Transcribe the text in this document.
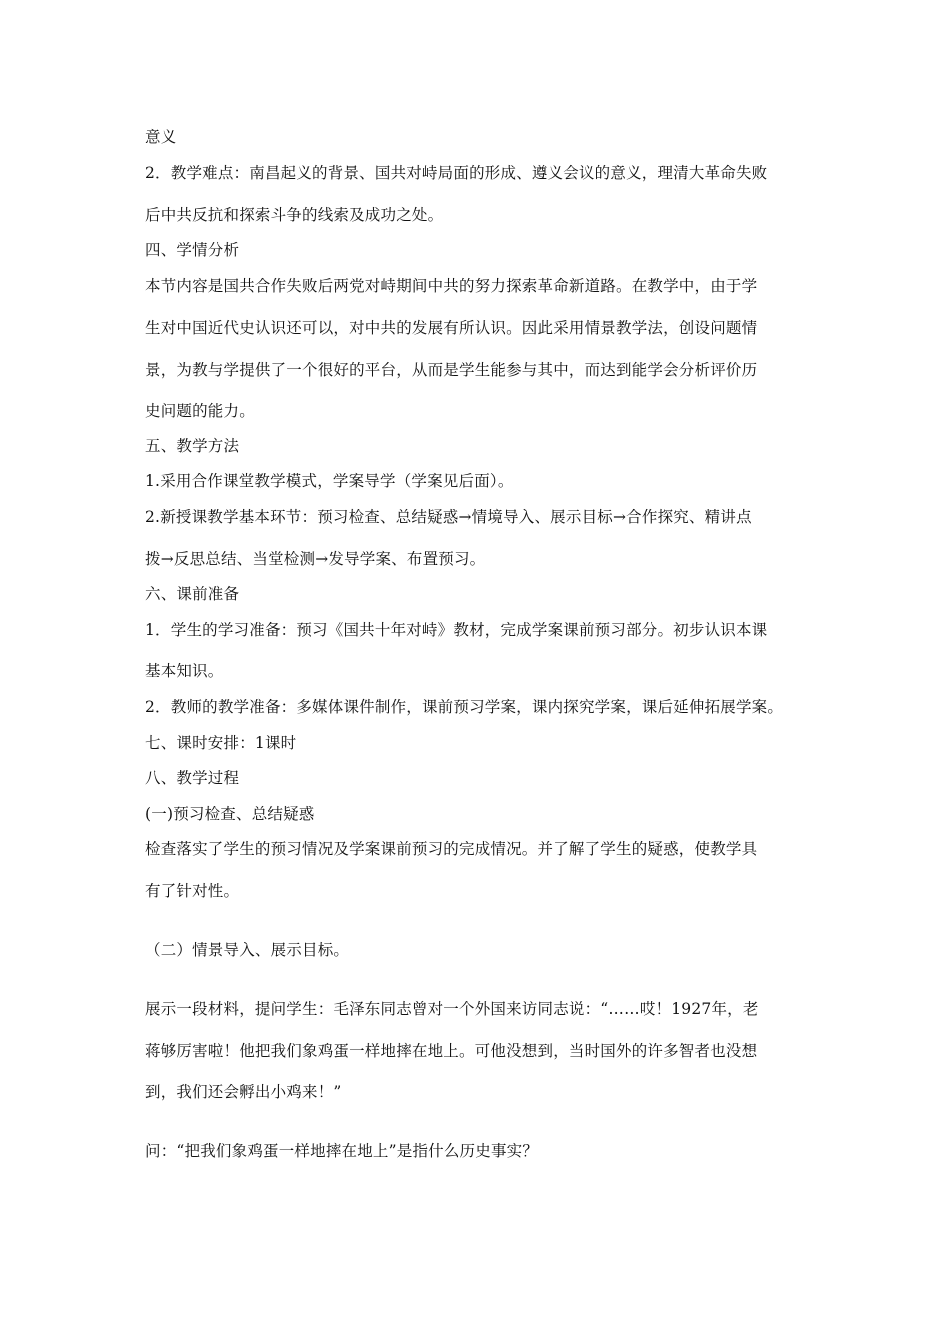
意义
2．教学难点：南昌起义的背景、国共对峙局面的形成、遵义会议的意义，理清大革命失败
后中共反抗和探索斗争的线索及成功之处。
四、学情分析
本节内容是国共合作失败后两党对峙期间中共的努力探索革命新道路。在教学中，由于学
生对中国近代史认识还可以，对中共的发展有所认识。因此采用情景教学法，创设问题情
景，为教与学提供了一个很好的平台，从而是学生能参与其中，而达到能学会分析评价历
史问题的能力。
五、教学方法
1.采用合作课堂教学模式，学案导学（学案见后面）。
2.新授课教学基本环节：预习检查、总结疑惑→情境导入、展示目标→合作探究、精讲点
拨→反思总结、当堂检测→发导学案、布置预习。
六、课前准备
1．学生的学习准备：预习《国共十年对峙》教材，完成学案课前预习部分。初步认识本课
基本知识。
2．教师的教学准备：多媒体课件制作，课前预习学案，课内探究学案，课后延伸拓展学案。
七、课时安排：1课时
八、教学过程
(一)预习检查、总结疑惑
检查落实了学生的预习情况及学案课前预习的完成情况。并了解了学生的疑惑，使教学具
有了针对性。
（二）情景导入、展示目标。
展示一段材料，提问学生：毛泽东同志曾对一个外国来访同志说：“……哎！1927年，老
蒋够厉害啦！他把我们象鸡蛋一样地摔在地上。可他没想到，当时国外的许多智者也没想
到，我们还会孵出小鸡来！”
问：“把我们象鸡蛋一样地摔在地上”是指什么历史事实？
